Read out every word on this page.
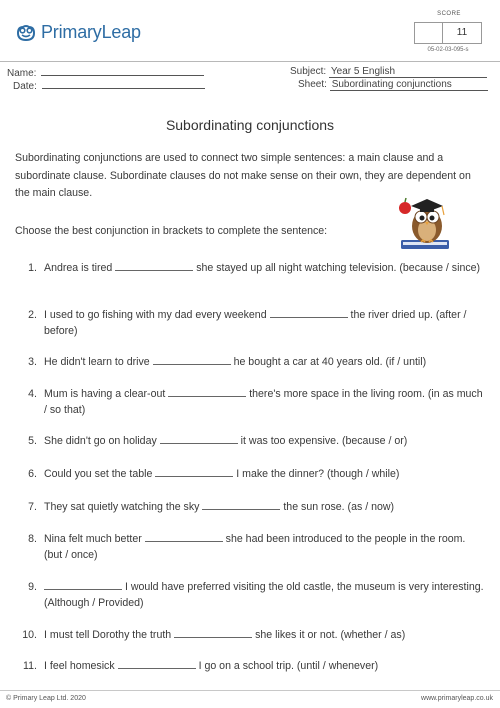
PrimaryLeap
SCORE
11
05-02-03-095-s
Name:
Date:
Subject: Year 5 English
Sheet: Subordinating conjunctions
Subordinating conjunctions
Subordinating conjunctions are used to connect two simple sentences: a main clause and a subordinate clause. Subordinate clauses do not make sense on their own, they are dependent on the main clause.
Choose the best conjunction in brackets to complete the sentence:
1. Andrea is tired	she stayed up all night watching television. (because / since)
2. I used to go fishing with my dad every weekend	the river dried up. (after / before)
3. He didn't learn to drive	he bought a car at 40 years old. (if / until)
4. Mum is having a clear-out	there's more space in the living room. (in as much / so that)
5. She didn't go on holiday	it was too expensive. (because / or)
6. Could you set the table	I make the dinner? (though / while)
7. They sat quietly watching the sky	the sun rose. (as / now)
8. Nina felt much better	she had been introduced to the people in the room. (but / once)
9.	I would have preferred visiting the old castle, the museum is very interesting. (Although / Provided)
10. I must tell Dorothy the truth	she likes it or not. (whether / as)
11. I feel homesick	I go on a school trip. (until / whenever)
© Primary Leap Ltd. 2020	www.primaryleap.co.uk
